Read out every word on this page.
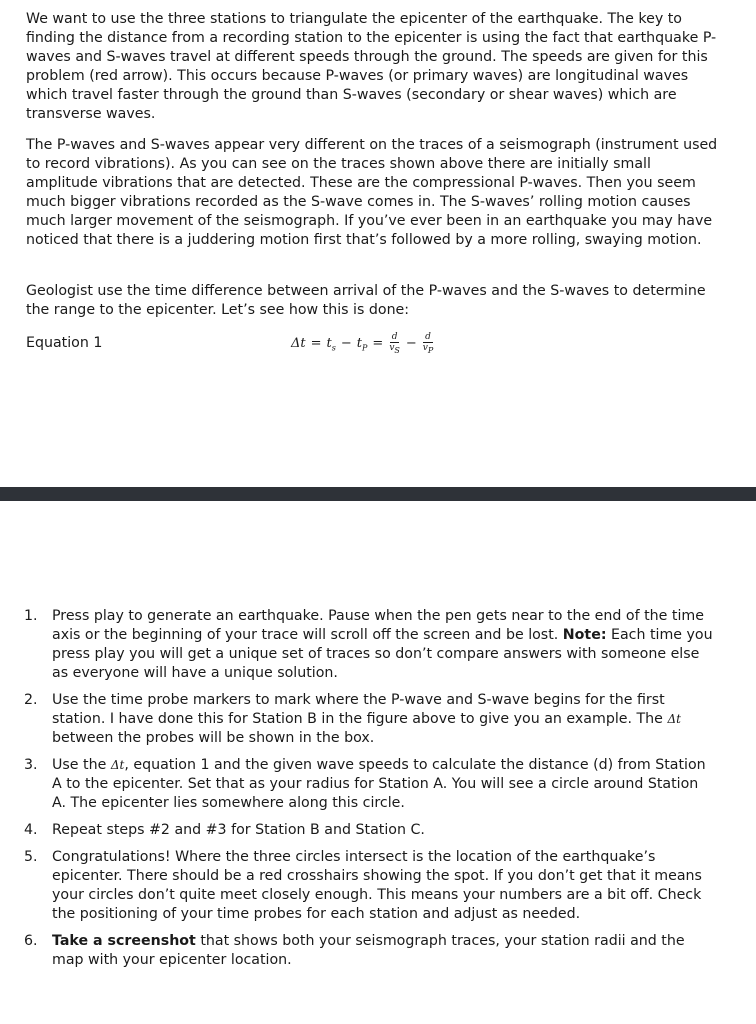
We want to use the three stations to triangulate the epicenter of the earthquake. The key to finding the distance from a recording station to the epicenter is using the fact that earthquake P-waves and S-waves travel at different speeds through the ground. The speeds are given for this problem (red arrow). This occurs because P-waves (or primary waves) are longitudinal waves which travel faster through the ground than S-waves (secondary or shear waves) which are transverse waves.

The P-waves and S-waves appear very different on the traces of a seismograph (instrument used to record vibrations). As you can see on the traces shown above there are initially small amplitude vibrations that are detected. These are the compressional P-waves. Then you seem much bigger vibrations recorded as the S-wave comes in. The S-waves’ rolling motion causes much larger movement of the seismograph. If you’ve ever been in an earthquake you may have noticed that there is a juddering motion first that’s followed by a more rolling, swaying motion.

Geologist use the time difference between arrival of the P-waves and the S-waves to determine the range to the epicenter. Let’s see how this is done:

Equation 1	$\Delta t = t_s - t_P = \frac{d}{v_S} - \frac{d}{v_P}$
1.	Press play to generate an earthquake. Pause when the pen gets near to the end of the time axis or the beginning of your trace will scroll off the screen and be lost. Note: Each time you press play you will get a unique set of traces so don’t compare answers with someone else as everyone will have a unique solution.
2.	Use the time probe markers to mark where the P-wave and S-wave begins for the first station. I have done this for Station B in the figure above to give you an example. The Δt between the probes will be shown in the box.
3.	Use the Δt, equation 1 and the given wave speeds to calculate the distance (d) from Station A to the epicenter. Set that as your radius for Station A. You will see a circle around Station A. The epicenter lies somewhere along this circle.
4.	Repeat steps #2 and #3 for Station B and Station C.
5.	Congratulations! Where the three circles intersect is the location of the earthquake’s epicenter. There should be a red crosshairs showing the spot. If you don’t get that it means your circles don’t quite meet closely enough. This means your numbers are a bit off. Check the positioning of your time probes for each station and adjust as needed.
6.	Take a screenshot that shows both your seismograph traces, your station radii and the map with your epicenter location.
